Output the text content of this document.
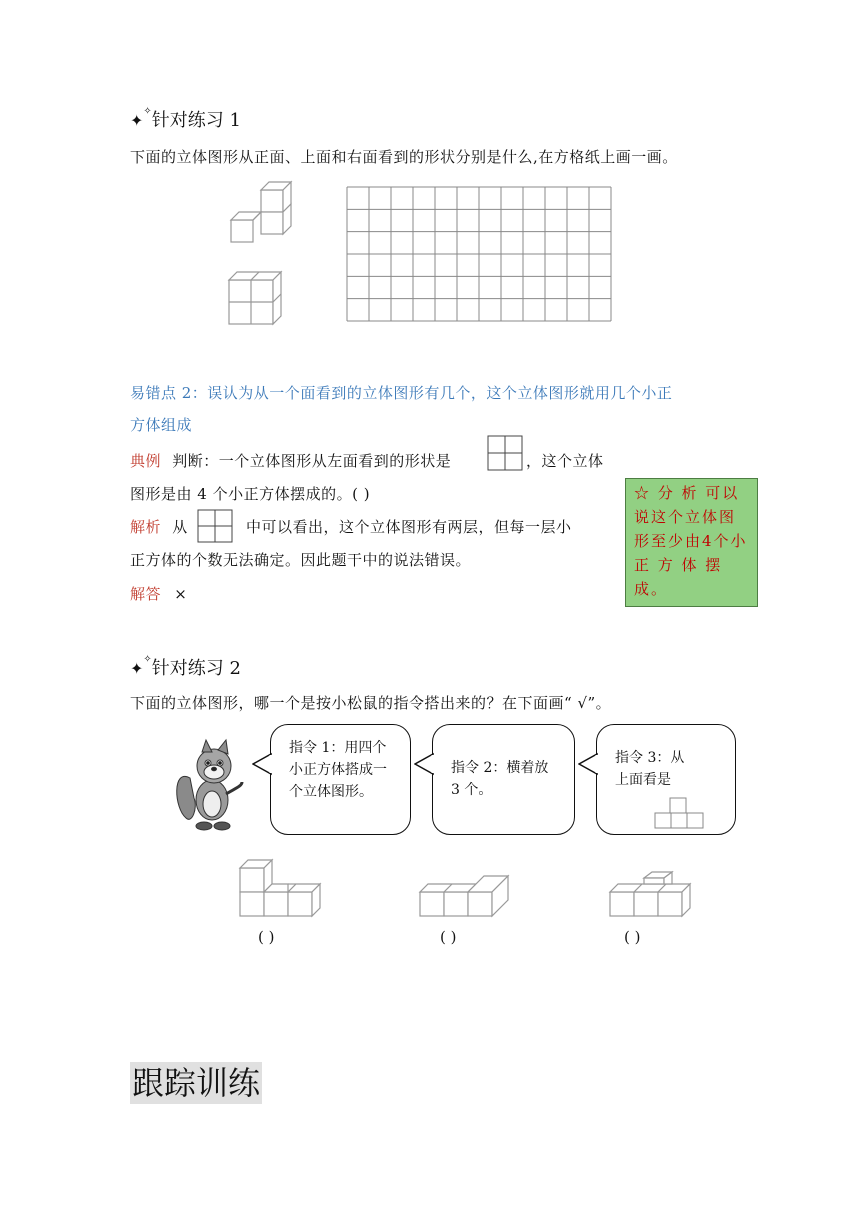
✦✧针对练习 1
下面的立体图形从正面、上面和右面看到的形状分别是什么,在方格纸上画一画。
易错点 2：误认为从一个面看到的立体图形有几个，这个立体图形就用几个小正
方体组成
典例 判断：一个立体图形从左面看到的形状是	，这个立体
图形是由 4 个小正方体摆成的。( )
解析 从	中可以看出，这个立体图形有两层，但每一层小
正方体的个数无法确定。因此题干中的说法错误。
解答 ×
☆ 分 析 可以说这个立体图形至少由4个小 正 方 体 摆成。
✦✧针对练习 2
下面的立体图形，哪一个是按小松鼠的指令搭出来的？在下面画“ √”。
指令 1：用四个小正方体搭成一个立体图形。
指令 2：横着放 3 个。
指令 3：从上面看是
( )	( )	( )
跟踪训练
